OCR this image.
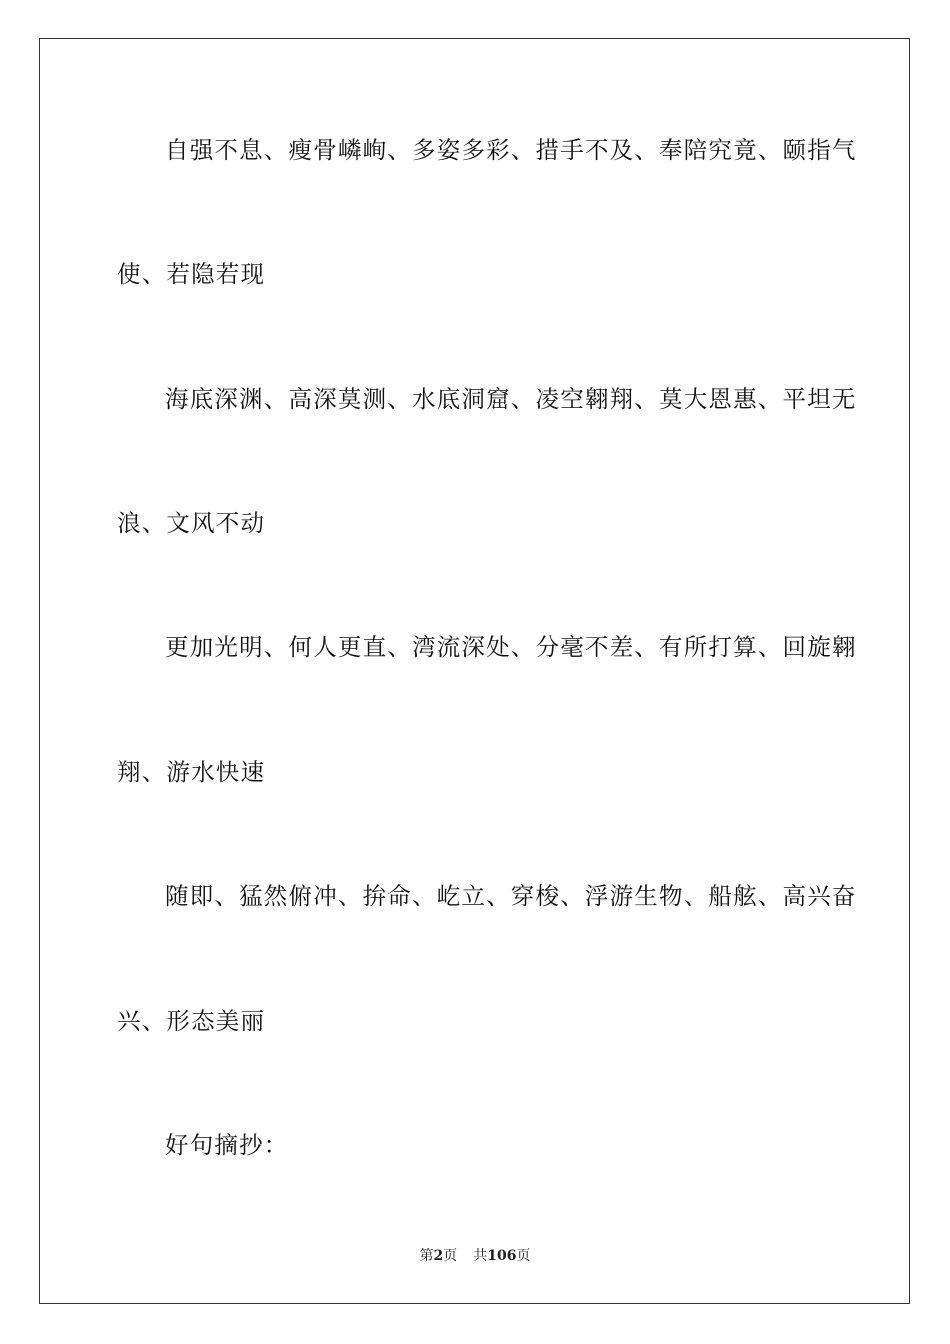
自强不息、瘦骨嶙峋、多姿多彩、措手不及、奉陪究竟、颐指气
使、若隐若现
海底深渊、高深莫测、水底洞窟、凌空翱翔、莫大恩惠、平坦无
浪、文风不动
更加光明、何人更直、湾流深处、分毫不差、有所打算、回旋翱
翔、游水快速
随即、猛然俯冲、拚命、屹立、穿梭、浮游生物、船舷、高兴奋
兴、形态美丽
好句摘抄：
第2页 共106页
